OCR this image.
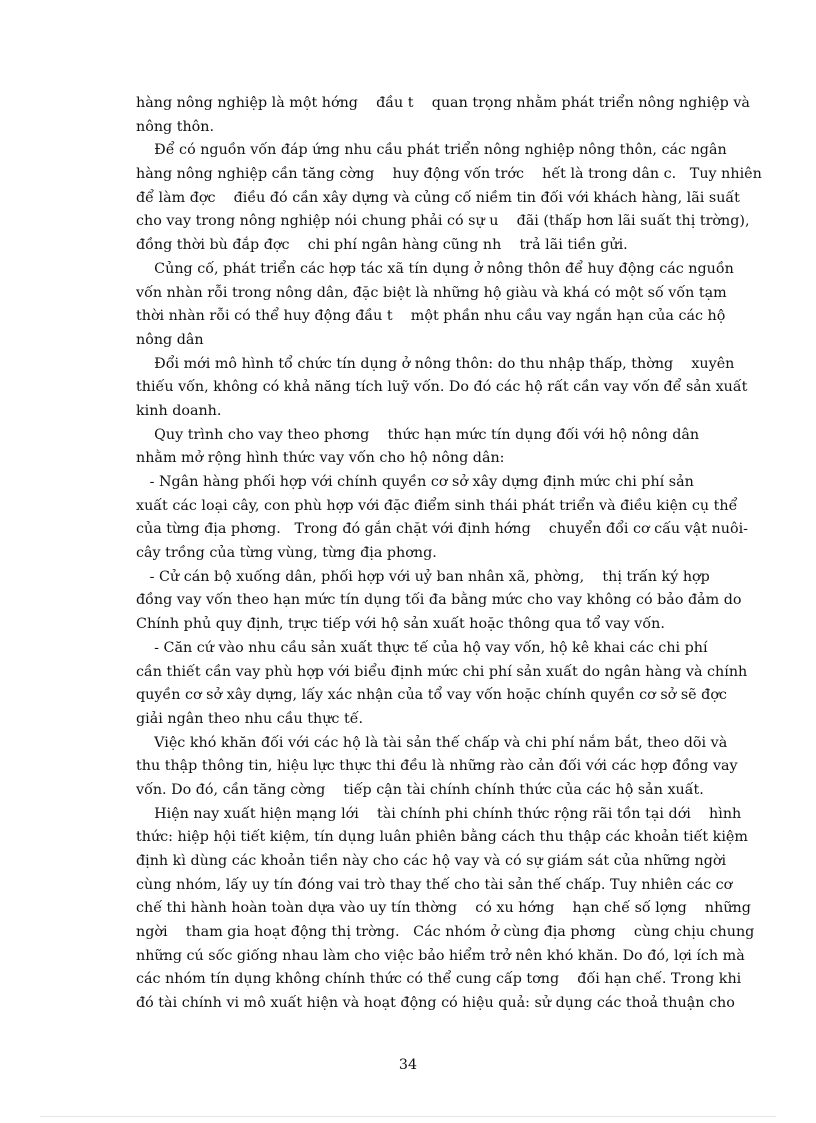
hàng nông nghiệp là một hớng    đầu t    quan trọng nhằm phát triển nông nghiệp và
nông thôn.
Để có nguồn vốn đáp ứng nhu cầu phát triển nông nghiệp nông thôn, các ngân
hàng nông nghiệp cần tăng cờng    huy động vốn trớc    hết là trong dân c.   Tuy nhiên
để làm đợc    điều đó cần xây dựng và củng cố niềm tin đối với khách hàng, lãi suất
cho vay trong nông nghiệp nói chung phải có sự u    đãi (thấp hơn lãi suất thị trờng),
đồng thời bù đắp đợc    chi phí ngân hàng cũng nh    trả lãi tiền gửi.
Củng cố, phát triển các hợp tác xã tín dụng ở nông thôn để huy động các nguồn
vốn nhàn rỗi trong nông dân, đặc biệt là những hộ giàu và khá có một số vốn tạm
thời nhàn rỗi có thể huy động đầu t    một phần nhu cầu vay ngắn hạn của các hộ
nông dân
Đổi mới mô hình tổ chức tín dụng ở nông thôn: do thu nhập thấp, thờng    xuyên
thiếu vốn, không có khả năng tích luỹ vốn. Do đó các hộ rất cần vay vốn để sản xuất
kinh doanh.
Quy trình cho vay theo phơng    thức hạn mức tín dụng đối với hộ nông dân
nhằm mở rộng hình thức vay vốn cho hộ nông dân:
- Ngân hàng phối hợp với chính quyền cơ sở xây dựng định mức chi phí sản
xuất các loại cây, con phù hợp với đặc điểm sinh thái phát triển và điều kiện cụ thể
của từng địa phơng.   Trong đó gắn chặt với định hớng    chuyển đổi cơ cấu vật nuôi-
cây trồng của từng vùng, từng địa phơng.
- Cử cán bộ xuống dân, phối hợp với uỷ ban nhân xã, phờng,    thị trấn ký hợp
đồng vay vốn theo hạn mức tín dụng tối đa bằng mức cho vay không có bảo đảm do
Chính phủ quy định, trực tiếp với hộ sản xuất hoặc thông qua tổ vay vốn.
- Căn cứ vào nhu cầu sản xuất thực tế của hộ vay vốn, hộ kê khai các chi phí
cần thiết cần vay phù hợp với biểu định mức chi phí sản xuất do ngân hàng và chính
quyền cơ sở xây dựng, lấy xác nhận của tổ vay vốn hoặc chính quyền cơ sở sẽ đợc
giải ngân theo nhu cầu thực tế.
Việc khó khăn đối với các hộ là tài sản thế chấp và chi phí nắm bắt, theo dõi và
thu thập thông tin, hiệu lực thực thi đều là những rào cản đối với các hợp đồng vay
vốn. Do đó, cần tăng cờng    tiếp cận tài chính chính thức của các hộ sản xuất.
Hiện nay xuất hiện mạng lới    tài chính phi chính thức rộng rãi tồn tại dới    hình
thức: hiệp hội tiết kiệm, tín dụng luân phiên bằng cách thu thập các khoản tiết kiệm
định kì dùng các khoản tiền này cho các hộ vay và có sự giám sát của những ngời
cùng nhóm, lấy uy tín đóng vai trò thay thế cho tài sản thế chấp. Tuy nhiên các cơ
chế thi hành hoàn toàn dựa vào uy tín thờng    có xu hớng    hạn chế số lợng    những
ngời    tham gia hoạt động thị trờng.   Các nhóm ở cùng địa phơng    cùng chịu chung
những cú sốc giống nhau làm cho việc bảo hiểm trở nên khó khăn. Do đó, lợi ích mà
các nhóm tín dụng không chính thức có thể cung cấp tơng    đối hạn chế. Trong khi
đó tài chính vi mô xuất hiện và hoạt động có hiệu quả: sử dụng các thoả thuận cho
34
